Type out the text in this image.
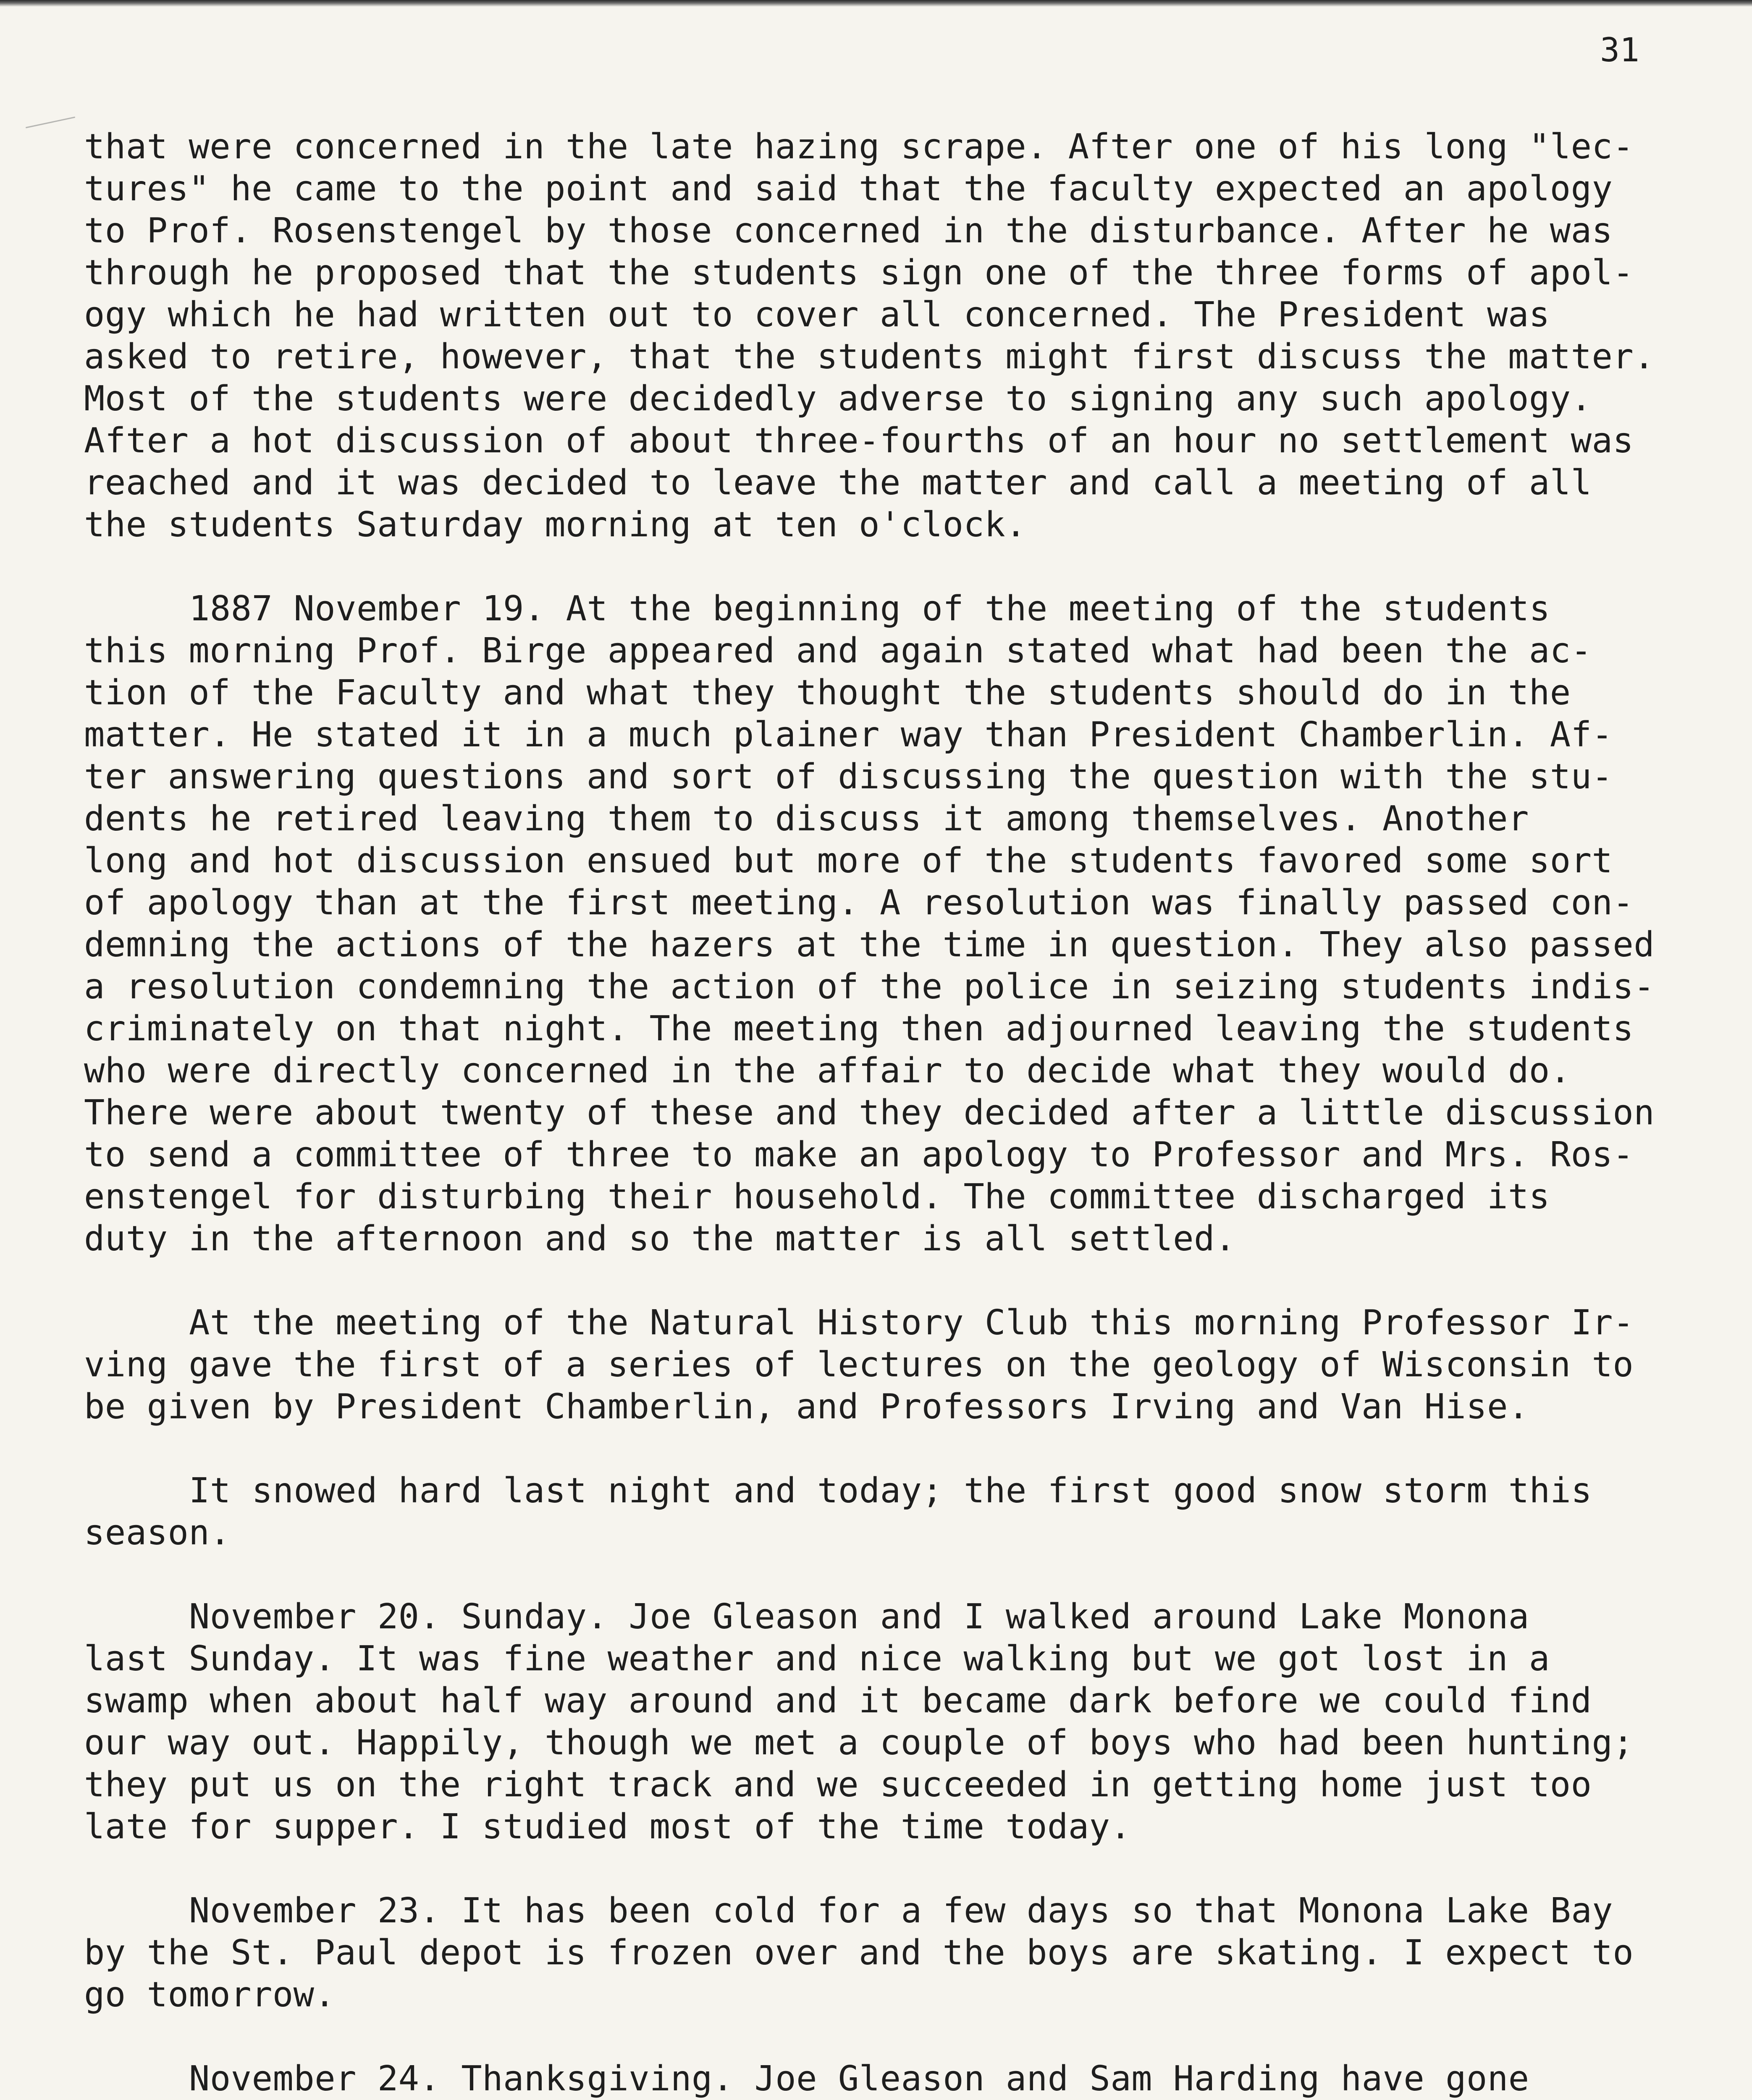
31
that were concerned in the late hazing scrape. After one of his long "lec-
tures" he came to the point and said that the faculty expected an apology
to Prof. Rosenstengel by those concerned in the disturbance. After he was
through he proposed that the students sign one of the three forms of apol-
ogy which he had written out to cover all concerned. The President was
asked to retire, however, that the students might first discuss the matter.
Most of the students were decidedly adverse to signing any such apology.
After a hot discussion of about three-fourths of an hour no settlement was
reached and it was decided to leave the matter and call a meeting of all
the students Saturday morning at ten o'clock.
1887 November 19. At the beginning of the meeting of the students
this morning Prof. Birge appeared and again stated what had been the ac-
tion of the Faculty and what they thought the students should do in the
matter. He stated it in a much plainer way than President Chamberlin. Af-
ter answering questions and sort of discussing the question with the stu-
dents he retired leaving them to discuss it among themselves. Another
long and hot discussion ensued but more of the students favored some sort
of apology than at the first meeting. A resolution was finally passed con-
demning the actions of the hazers at the time in question. They also passed
a resolution condemning the action of the police in seizing students indis-
criminately on that night. The meeting then adjourned leaving the students
who were directly concerned in the affair to decide what they would do.
There were about twenty of these and they decided after a little discussion
to send a committee of three to make an apology to Professor and Mrs. Ros-
enstengel for disturbing their household. The committee discharged its
duty in the afternoon and so the matter is all settled.
At the meeting of the Natural History Club this morning Professor Ir-
ving gave the first of a series of lectures on the geology of Wisconsin to
be given by President Chamberlin, and Professors Irving and Van Hise.
It snowed hard last night and today; the first good snow storm this
season.
November 20. Sunday. Joe Gleason and I walked around Lake Monona
last Sunday. It was fine weather and nice walking but we got lost in a
swamp when about half way around and it became dark before we could find
our way out. Happily, though we met a couple of boys who had been hunting;
they put us on the right track and we succeeded in getting home just too
late for supper. I studied most of the time today.
November 23. It has been cold for a few days so that Monona Lake Bay
by the St. Paul depot is frozen over and the boys are skating. I expect to
go tomorrow.
November 24. Thanksgiving. Joe Gleason and Sam Harding have gone
